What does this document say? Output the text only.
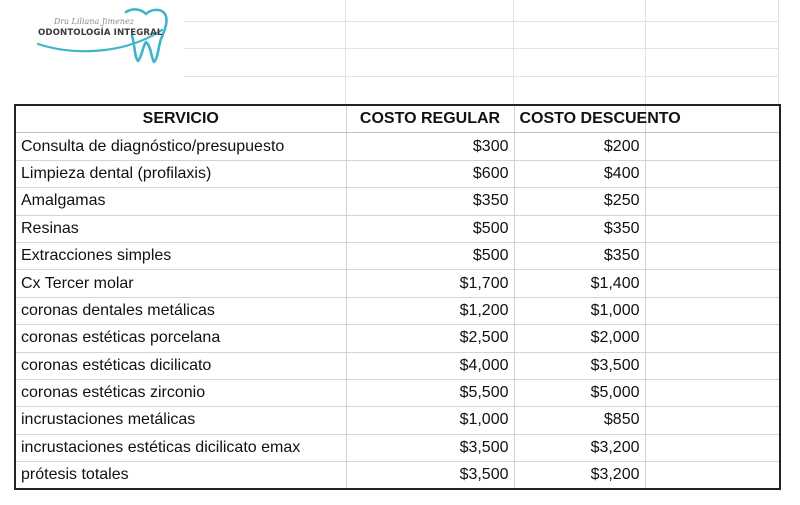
Dra Liliana Jimenez
ODONTOLOGÍA INTEGRAL
SERVICIO	COSTO REGULAR	COSTO DESCUENTO	
Consulta de diagnóstico/presupuesto	$300	$200	
Limpieza dental (profilaxis)	$600	$400	
Amalgamas	$350	$250	
Resinas	$500	$350	
Extracciones simples	$500	$350	
Cx Tercer molar	$1,700	$1,400	
coronas dentales metálicas	$1,200	$1,000	
coronas estéticas porcelana	$2,500	$2,000	
coronas estéticas dicilicato	$4,000	$3,500	
coronas estéticas zirconio	$5,500	$5,000	
incrustaciones metálicas	$1,000	$850	
incrustaciones estéticas dicilicato emax	$3,500	$3,200	
prótesis totales	$3,500	$3,200	
